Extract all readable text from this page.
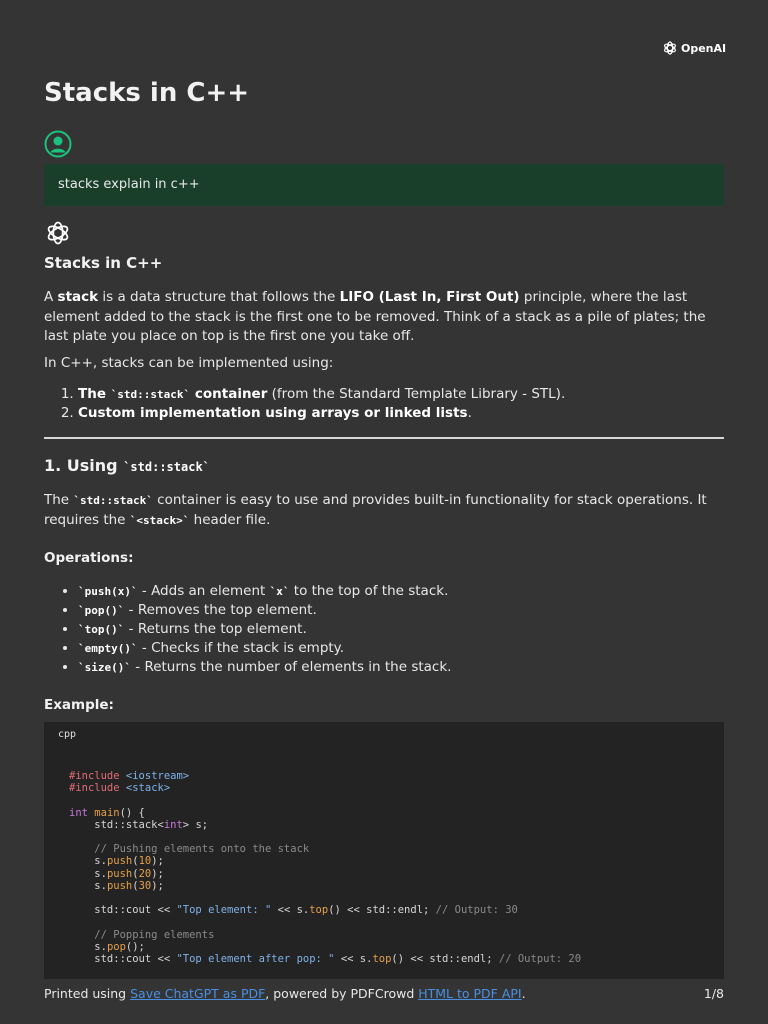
OpenAI
Stacks in C++
stacks explain in c++
Stacks in C++

A stack is a data structure that follows the LIFO (Last In, First Out) principle, where the last element added to the stack is the first one to be removed. Think of a stack as a pile of plates; the last plate you place on top is the first one you take off.

In C++, stacks can be implemented using:

1. The `std::stack` container (from the Standard Template Library - STL).
2. Custom implementation using arrays or linked lists.
1. Using `std::stack`

The `std::stack` container is easy to use and provides built-in functionality for stack operations. It requires the `<stack>` header file.

Operations:
• `push(x)` - Adds an element `x` to the top of the stack.
• `pop()` - Removes the top element.
• `top()` - Returns the top element.
• `empty()` - Checks if the stack is empty.
• `size()` - Returns the number of elements in the stack.
Example:
cpp
#include <iostream>
#include <stack>

int main() {
std::stack<int> s;

// Pushing elements onto the stack
s.push(10);
s.push(20);
s.push(30);

std::cout << "Top element: " << s.top() << std::endl; // Output: 30

// Popping elements
s.pop();
std::cout << "Top element after pop: " << s.top() << std::endl; // Output: 20
Printed using Save ChatGPT as PDF, powered by PDFCrowd HTML to PDF API.	1/8
